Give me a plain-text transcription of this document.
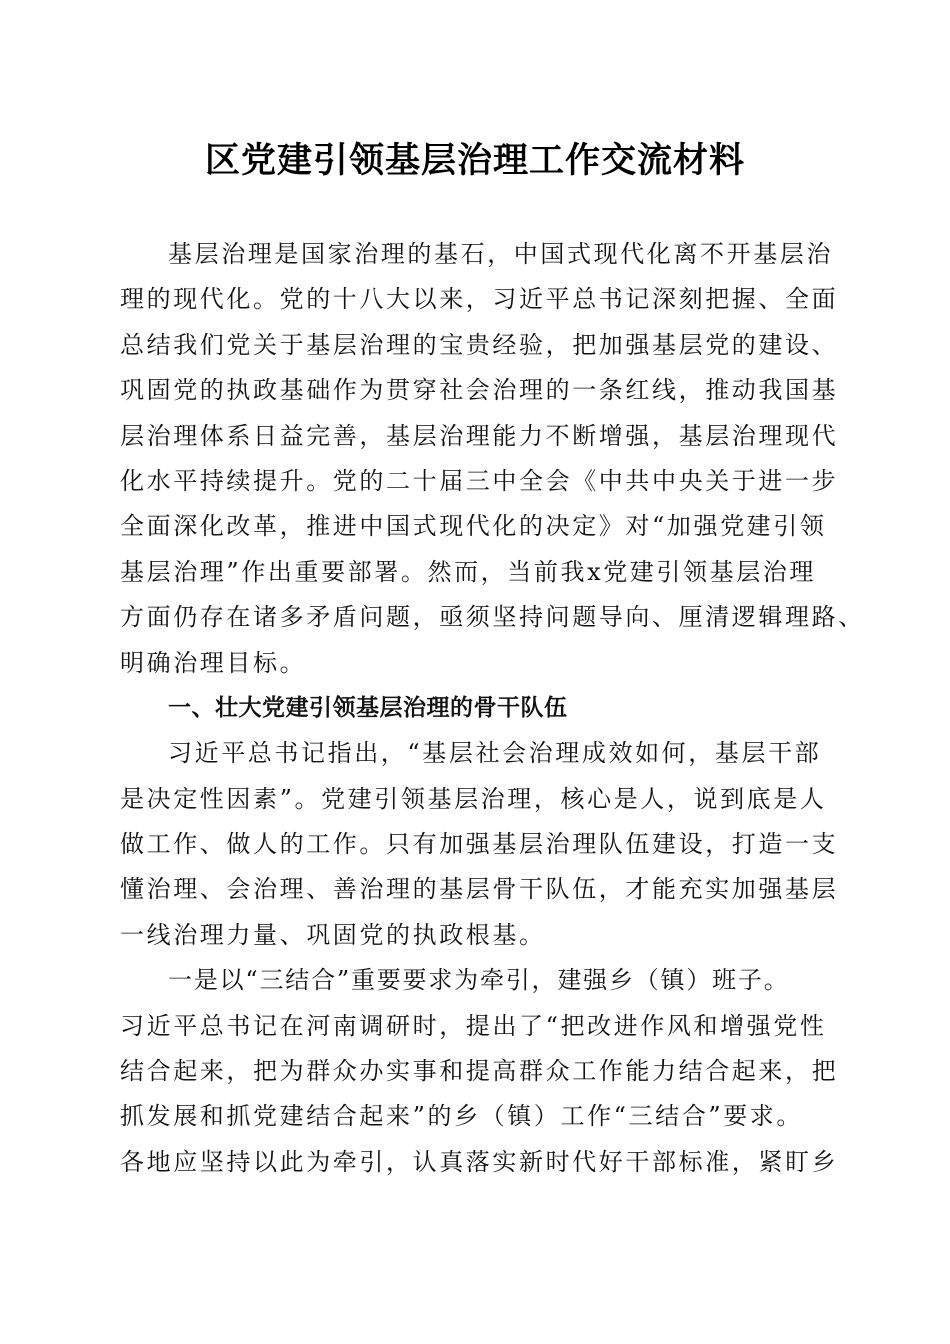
区党建引领基层治理工作交流材料
基层治理是国家治理的基石，中国式现代化离不开基层治
理的现代化。党的十八大以来，习近平总书记深刻把握、全面
总结我们党关于基层治理的宝贵经验，把加强基层党的建设、
巩固党的执政基础作为贯穿社会治理的一条红线，推动我国基
层治理体系日益完善，基层治理能力不断增强，基层治理现代
化水平持续提升。党的二十届三中全会《中共中央关于进一步
全面深化改革，推进中国式现代化的决定》对“加强党建引领
基层治理”作出重要部署。然而，当前我x党建引领基层治理
方面仍存在诸多矛盾问题，亟须坚持问题导向、厘清逻辑理路、
明确治理目标。
一、壮大党建引领基层治理的骨干队伍
习近平总书记指出，“基层社会治理成效如何，基层干部
是决定性因素”。党建引领基层治理，核心是人，说到底是人
做工作、做人的工作。只有加强基层治理队伍建设，打造一支
懂治理、会治理、善治理的基层骨干队伍，才能充实加强基层
一线治理力量、巩固党的执政根基。
一是以“三结合”重要要求为牵引，建强乡（镇）班子。
习近平总书记在河南调研时，提出了“把改进作风和增强党性
结合起来，把为群众办实事和提高群众工作能力结合起来，把
抓发展和抓党建结合起来”的乡（镇）工作“三结合”要求。
各地应坚持以此为牵引，认真落实新时代好干部标准，紧盯乡
